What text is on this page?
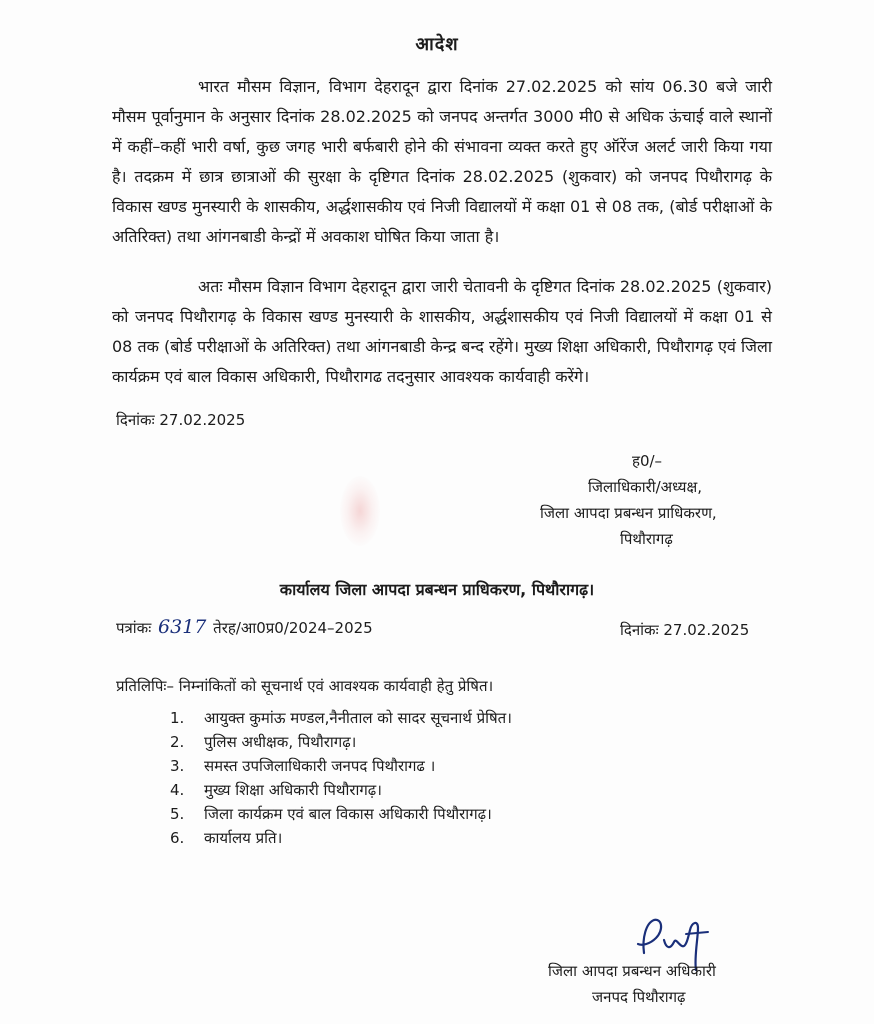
आदेश

भारत मौसम विज्ञान, विभाग देहरादून द्वारा दिनांक 27.02.2025 को सांय 06.30 बजे जारी मौसम पूर्वानुमान के अनुसार दिनांक 28.02.2025 को जनपद अन्तर्गत 3000 मी0 से अधिक ऊंचाई वाले स्थानों में कहीं–कहीं भारी वर्षा, कुछ जगह भारी बर्फबारी होने की संभावना व्यक्त करते हुए ऑरेंज अलर्ट जारी किया गया है। तदक्रम में छात्र छात्राओं की सुरक्षा के दृष्टिगत दिनांक 28.02.2025 (शुकवार) को जनपद पिथौरागढ़ के विकास खण्ड मुनस्यारी के शासकीय, अर्द्धशासकीय एवं निजी विद्यालयों में कक्षा 01 से 08 तक, (बोर्ड परीक्षाओं के अतिरिक्त) तथा आंगनबाडी केन्द्रों में अवकाश घोषित किया जाता है।

अतः मौसम विज्ञान विभाग देहरादून द्वारा जारी चेतावनी के दृष्टिगत दिनांक 28.02.2025 (शुकवार) को जनपद पिथौरागढ़ के विकास खण्ड मुनस्यारी के शासकीय, अर्द्धशासकीय एवं निजी विद्यालयों में कक्षा 01 से 08 तक (बोर्ड परीक्षाओं के अतिरिक्त) तथा आंगनबाडी केन्द्र बन्द रहेंगे। मुख्य शिक्षा अधिकारी, पिथौरागढ़ एवं जिला कार्यक्रम एवं बाल विकास अधिकारी, पिथौरागढ तदनुसार आवश्यक कार्यवाही करेंगे।

दिनांकः 27.02.2025
ह0/–
जिलाधिकारी/अध्यक्ष,
जिला आपदा प्रबन्धन प्राधिकरण,
पिथौरागढ़
कार्यालय जिला आपदा प्रबन्धन प्राधिकरण, पिथौरागढ़।
पत्रांकः 6317 तेरह/आ0प्र0/2024–2025	दिनांकः 27.02.2025
प्रतिलिपिः– निम्नांकितों को सूचनार्थ एवं आवश्यक कार्यवाही हेतु प्रेषित।
1.	आयुक्त कुमांऊ मण्डल,नैनीताल को सादर सूचनार्थ प्रेषित।
2.	पुलिस अधीक्षक, पिथौरागढ़।
3.	समस्त उपजिलाधिकारी जनपद पिथौरागढ ।
4.	मुख्य शिक्षा अधिकारी पिथौरागढ़।
5.	जिला कार्यक्रम एवं बाल विकास अधिकारी पिथौरागढ़।
6.	कार्यालय प्रति।
जिला आपदा प्रबन्धन अधिकारी
जनपद पिथौरागढ़
